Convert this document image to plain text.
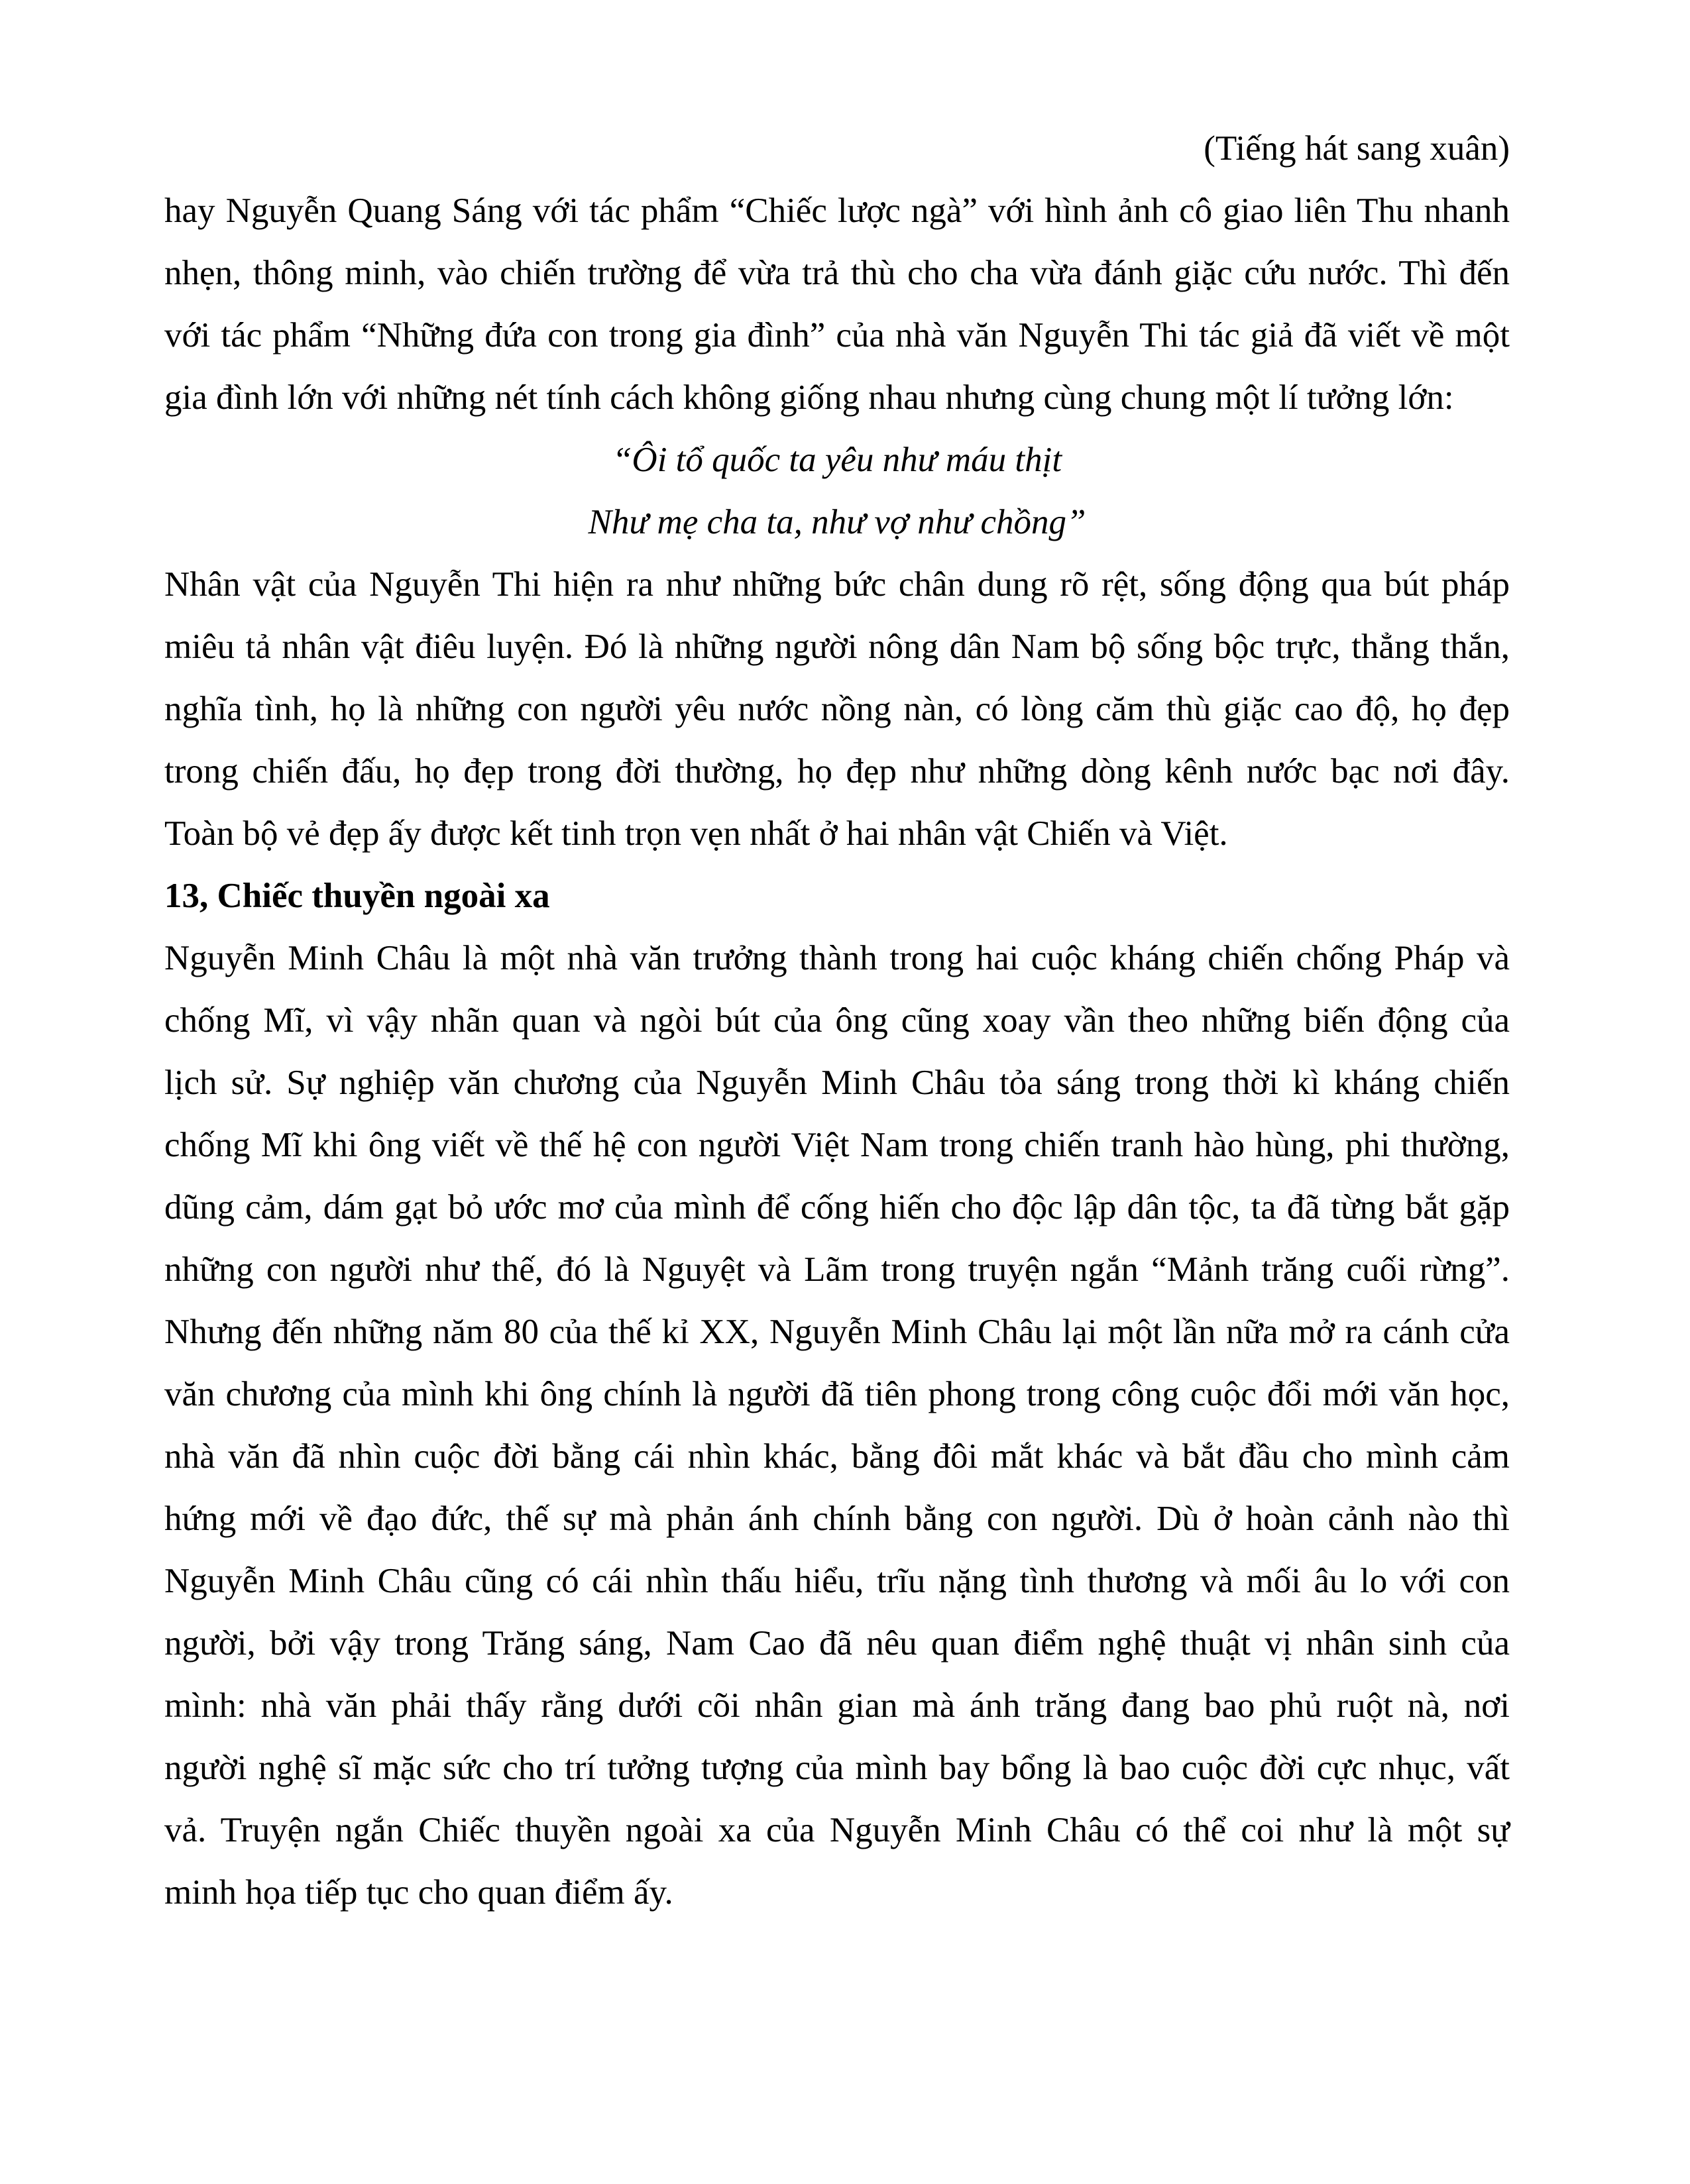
(Tiếng hát sang xuân)
hay Nguyễn Quang Sáng với tác phẩm “Chiếc lược ngà” với hình ảnh cô giao liên Thu nhanh
nhẹn, thông minh, vào chiến trường để vừa trả thù cho cha vừa đánh giặc cứu nước. Thì đến
với tác phẩm “Những đứa con trong gia đình” của nhà văn Nguyễn Thi tác giả đã viết về một
gia đình lớn với những nét tính cách không giống nhau nhưng cùng chung một lí tưởng lớn:
“Ôi tổ quốc ta yêu như máu thịt
Như mẹ cha ta, như vợ như chồng”
Nhân vật của Nguyễn Thi hiện ra như những bức chân dung rõ rệt, sống động qua bút pháp
miêu tả nhân vật điêu luyện. Đó là những người nông dân Nam bộ sống bộc trực, thẳng thắn,
nghĩa tình, họ là những con người yêu nước nồng nàn, có lòng căm thù giặc cao độ, họ đẹp
trong chiến đấu, họ đẹp trong đời thường, họ đẹp như những dòng kênh nước bạc nơi đây.
Toàn bộ vẻ đẹp ấy được kết tinh trọn vẹn nhất ở hai nhân vật Chiến và Việt.
13, Chiếc thuyền ngoài xa
Nguyễn Minh Châu là một nhà văn trưởng thành trong hai cuộc kháng chiến chống Pháp và
chống Mĩ, vì vậy nhãn quan và ngòi bút của ông cũng xoay vần theo những biến động của
lịch sử. Sự nghiệp văn chương của Nguyễn Minh Châu tỏa sáng trong thời kì kháng chiến
chống Mĩ khi ông viết về thế hệ con người Việt Nam trong chiến tranh hào hùng, phi thường,
dũng cảm, dám gạt bỏ ước mơ của mình để cống hiến cho độc lập dân tộc, ta đã từng bắt gặp
những con người như thế, đó là Nguyệt và Lãm trong truyện ngắn “Mảnh trăng cuối rừng”.
Nhưng đến những năm 80 của thế kỉ XX, Nguyễn Minh Châu lại một lần nữa mở ra cánh cửa
văn chương của mình khi ông chính là người đã tiên phong trong công cuộc đổi mới văn học,
nhà văn đã nhìn cuộc đời bằng cái nhìn khác, bằng đôi mắt khác và bắt đầu cho mình cảm
hứng mới về đạo đức, thế sự mà phản ánh chính bằng con người. Dù ở hoàn cảnh nào thì
Nguyễn Minh Châu cũng có cái nhìn thấu hiểu, trĩu nặng tình thương và mối âu lo với con
người, bởi vậy trong Trăng sáng, Nam Cao đã nêu quan điểm nghệ thuật vị nhân sinh của
mình: nhà văn phải thấy rằng dưới cõi nhân gian mà ánh trăng đang bao phủ ruột nà, nơi
người nghệ sĩ mặc sức cho trí tưởng tượng của mình bay bổng là bao cuộc đời cực nhục, vất
vả. Truyện ngắn Chiếc thuyền ngoài xa của Nguyễn Minh Châu có thể coi như là một sự
minh họa tiếp tục cho quan điểm ấy.
